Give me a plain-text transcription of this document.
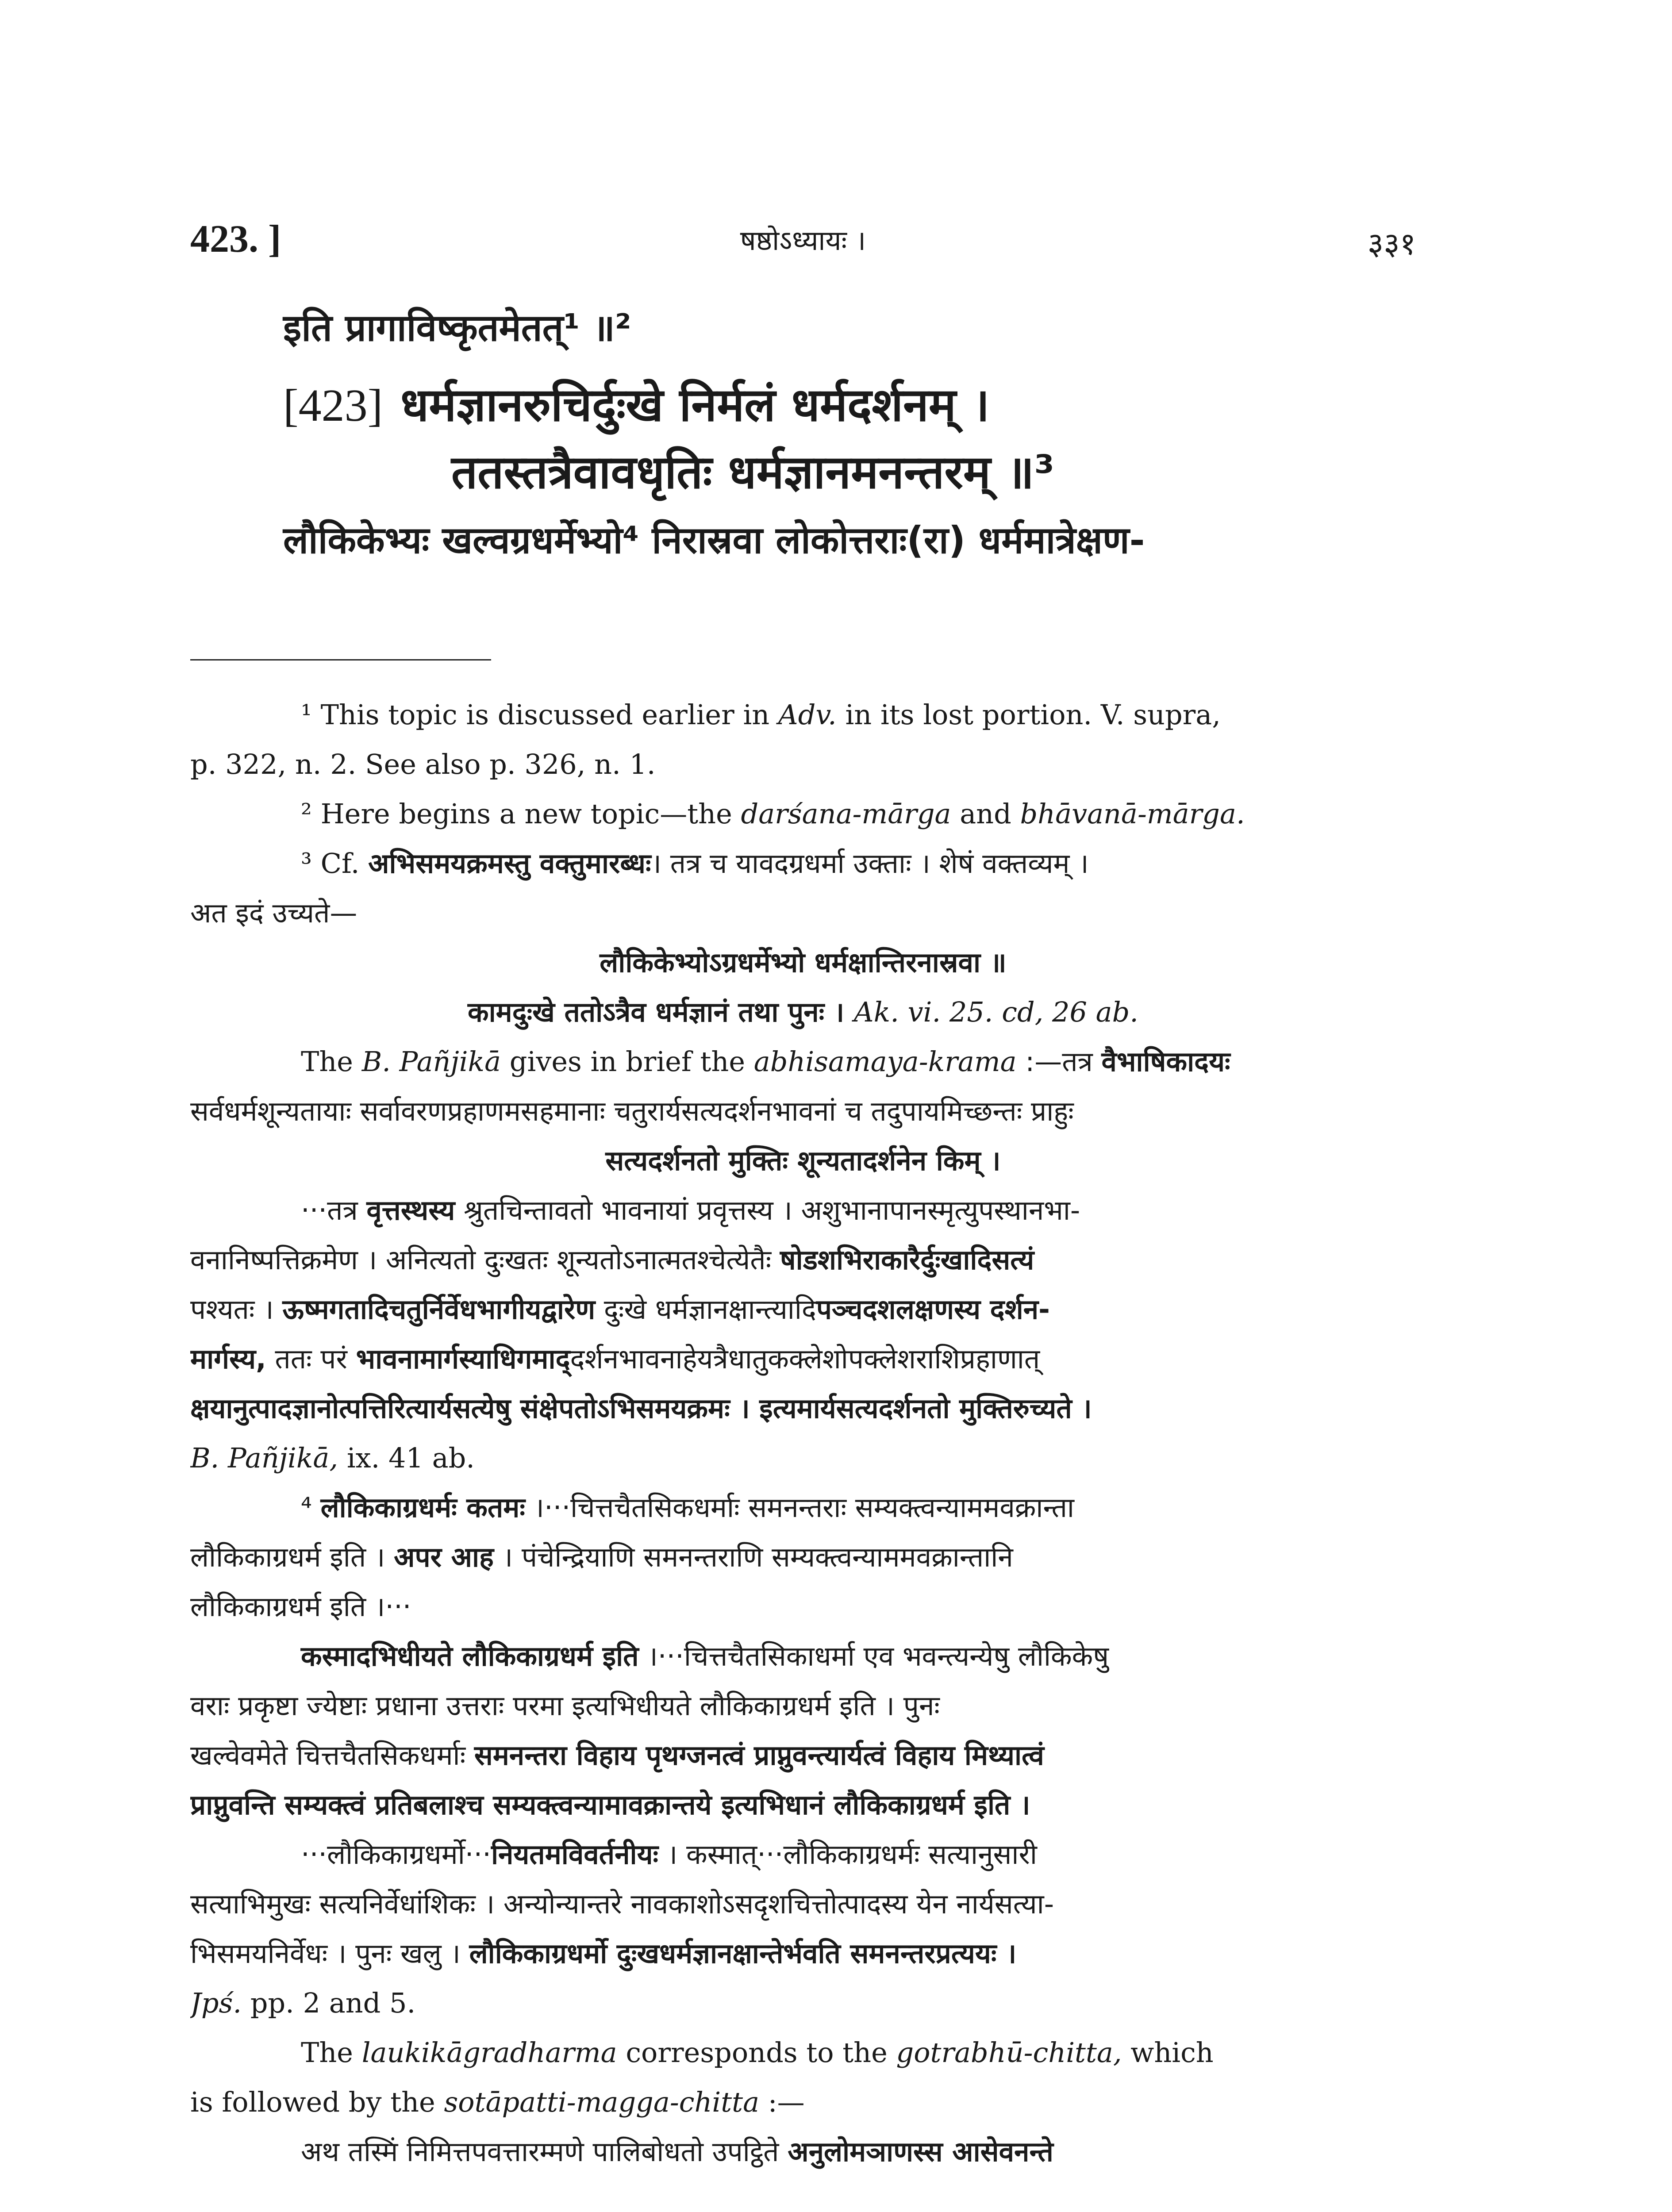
423. ]	षष्ठोऽध्यायः ।	३३१
इति प्रागाविष्कृतमेतत्¹ ॥²
[423] धर्मज्ञानरुचिर्दुःखे निर्मलं धर्मदर्शनम् ।
ततस्तत्रैवावधृतिः धर्मज्ञानमनन्तरम् ॥³
लौकिकेभ्यः खल्वग्रधर्मेभ्यो⁴ निरास्रवा लोकोत्तराः(रा) धर्ममात्रेक्षण-
¹ This topic is discussed earlier in Adv. in its lost portion. V. supra,
p. 322, n. 2. See also p. 326, n. 1.
² Here begins a new topic—the darśana-mārga and bhāvanā-mārga.
³ Cf. अभिसमयक्रमस्तु वक्तुमारब्धः। तत्र च यावदग्रधर्मा उक्ताः । शेषं वक्तव्यम् ।
अत इदं उच्यते—
लौकिकेभ्योऽग्रधर्मेभ्यो धर्मक्षान्तिरनास्रवा ॥
कामदुःखे ततोऽत्रैव धर्मज्ञानं तथा पुनः । Ak. vi. 25. cd, 26 ab.
The B. Pañjikā gives in brief the abhisamaya-krama :—तत्र वैभाषिकादयः
सर्वधर्मशून्यतायाः सर्वावरणप्रहाणमसहमानाः चतुरार्यसत्यदर्शनभावनां च तदुपायमिच्छन्तः प्राहुः
सत्यदर्शनतो मुक्तिः शून्यतादर्शनेन किम् ।
···तत्र वृत्तस्थस्य श्रुतचिन्तावतो भावनायां प्रवृत्तस्य । अशुभानापानस्मृत्युपस्थानभा-
वनानिष्पत्तिक्रमेण । अनित्यतो दुःखतः शून्यतोऽनात्मतश्चेत्येतैः षोडशभिराकारैर्दुःखादिसत्यं
पश्यतः । ऊष्मगतादिचतुर्निर्वेधभागीयद्वारेण दुःखे धर्मज्ञानक्षान्त्यादिपञ्चदशलक्षणस्य दर्शन-
मार्गस्य, ततः परं भावनामार्गस्याधिगमाद्दर्शनभावनाहेयत्रैधातुकक्लेशोपक्लेशराशिप्रहाणात्
क्षयानुत्पादज्ञानोत्पत्तिरित्यार्यसत्येषु संक्षेपतोऽभिसमयक्रमः । इत्यमार्यसत्यदर्शनतो मुक्तिरुच्यते ।
B. Pañjikā, ix. 41 ab.
⁴ लौकिकाग्रधर्मः कतमः ।···चित्तचैतसिकधर्माः समनन्तराः सम्यक्त्वन्याममवक्रान्ता
लौकिकाग्रधर्म इति । अपर आह । पंचेन्द्रियाणि समनन्तराणि सम्यक्त्वन्याममवक्रान्तानि
लौकिकाग्रधर्म इति ।···
कस्मादभिधीयते लौकिकाग्रधर्म इति ।···चित्तचैतसिकाधर्मा एव भवन्त्यन्येषु लौकिकेषु
वराः प्रकृष्टा ज्येष्टाः प्रधाना उत्तराः परमा इत्यभिधीयते लौकिकाग्रधर्म इति । पुनः
खल्वेवमेते चित्तचैतसिकधर्माः समनन्तरा विहाय पृथग्जनत्वं प्राप्नुवन्त्यार्यत्वं विहाय मिथ्यात्वं
प्राप्नुवन्ति सम्यक्त्वं प्रतिबलाश्च सम्यक्त्वन्यामावक्रान्तये इत्यभिधानं लौकिकाग्रधर्म इति ।
···लौकिकाग्रधर्मो···नियतमविवर्तनीयः । कस्मात्···लौकिकाग्रधर्मः सत्यानुसारी
सत्याभिमुखः सत्यनिर्वेधांशिकः । अन्योन्यान्तरे नावकाशोऽसदृशचित्तोत्पादस्य येन नार्यसत्या-
भिसमयनिर्वेधः । पुनः खलु । लौकिकाग्रधर्मो दुःखधर्मज्ञानक्षान्तेर्भवति समनन्तरप्रत्ययः ।
Jpś. pp. 2 and 5.
The laukikāgradharma corresponds to the gotrabhū-chitta, which
is followed by the sotāpatti-magga-chitta :—
अथ तस्मिं निमित्तपवत्तारम्मणे पालिबोधतो उपट्ठिते अनुलोमञाणस्स आसेवनन्ते
